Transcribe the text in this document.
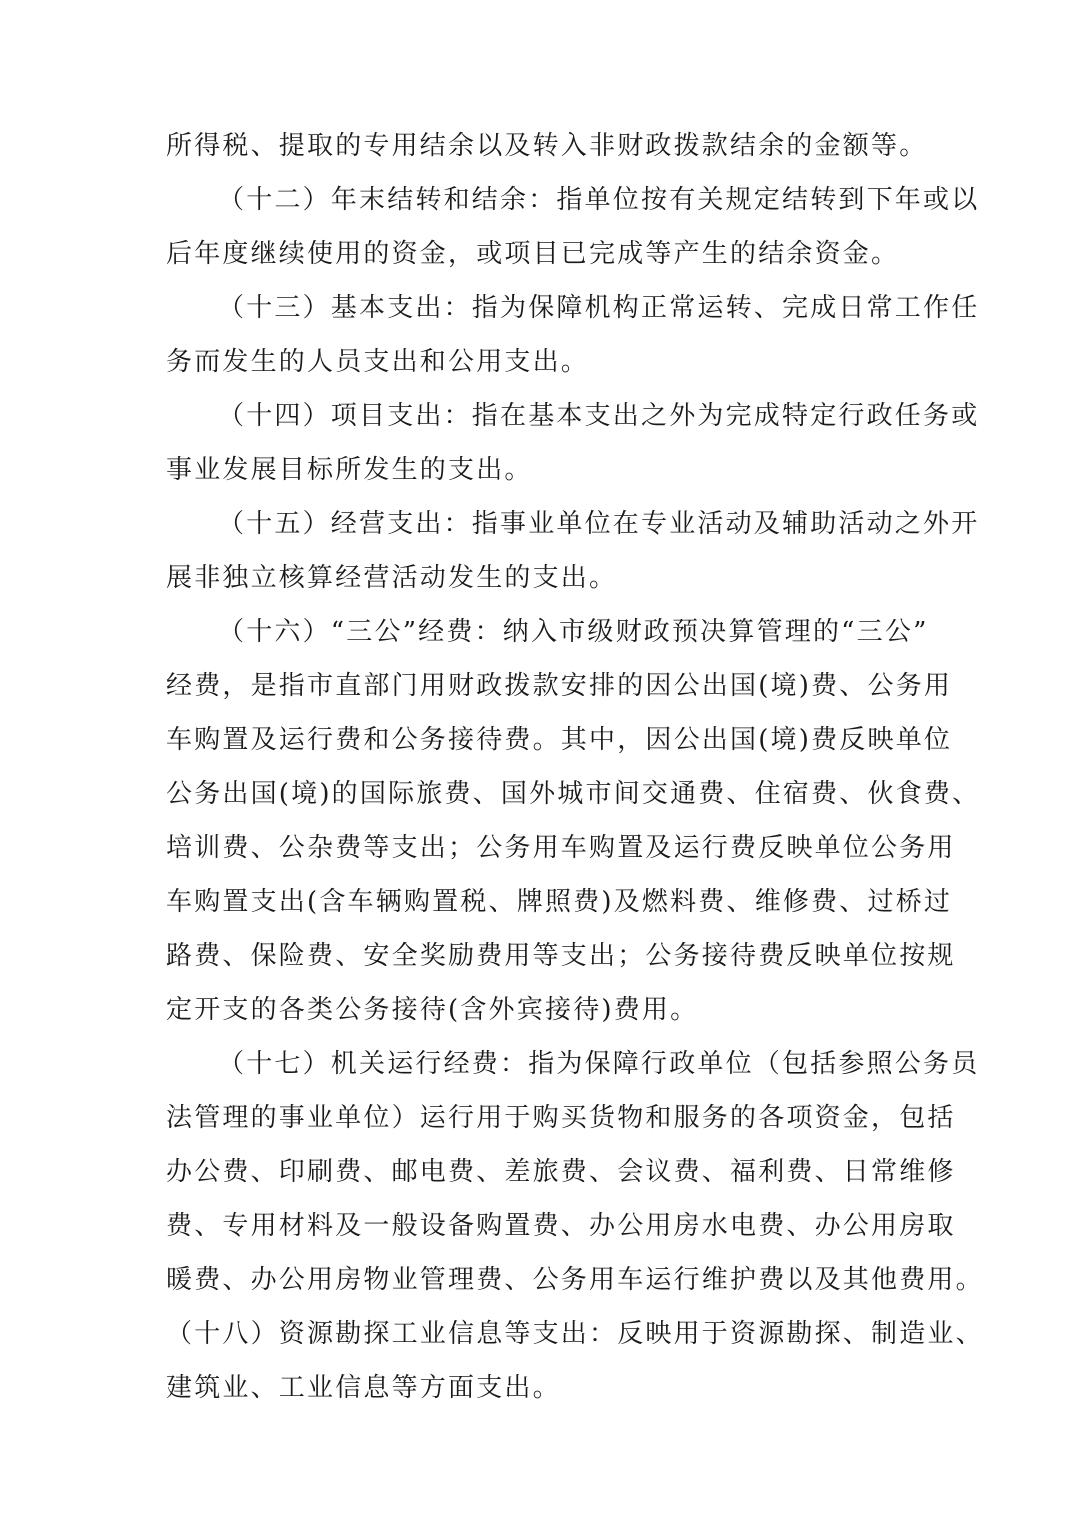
所得税、提取的专用结余以及转入非财政拨款结余的金额等。

（十二）年末结转和结余：指单位按有关规定结转到下年或以

后年度继续使用的资金，或项目已完成等产生的结余资金。

（十三）基本支出：指为保障机构正常运转、完成日常工作任

务而发生的人员支出和公用支出。

（十四）项目支出：指在基本支出之外为完成特定行政任务或

事业发展目标所发生的支出。

（十五）经营支出：指事业单位在专业活动及辅助活动之外开

展非独立核算经营活动发生的支出。

（十六）“三公”经费：纳入市级财政预决算管理的“三公”

经费，是指市直部门用财政拨款安排的因公出国(境)费、公务用

车购置及运行费和公务接待费。其中，因公出国(境)费反映单位

公务出国(境)的国际旅费、国外城市间交通费、住宿费、伙食费、

培训费、公杂费等支出；公务用车购置及运行费反映单位公务用

车购置支出(含车辆购置税、牌照费)及燃料费、维修费、过桥过

路费、保险费、安全奖励费用等支出；公务接待费反映单位按规

定开支的各类公务接待(含外宾接待)费用。

（十七）机关运行经费：指为保障行政单位（包括参照公务员

法管理的事业单位）运行用于购买货物和服务的各项资金，包括

办公费、印刷费、邮电费、差旅费、会议费、福利费、日常维修

费、专用材料及一般设备购置费、办公用房水电费、办公用房取

暖费、办公用房物业管理费、公务用车运行维护费以及其他费用。

（十八）资源勘探工业信息等支出：反映用于资源勘探、制造业、

建筑业、工业信息等方面支出。
